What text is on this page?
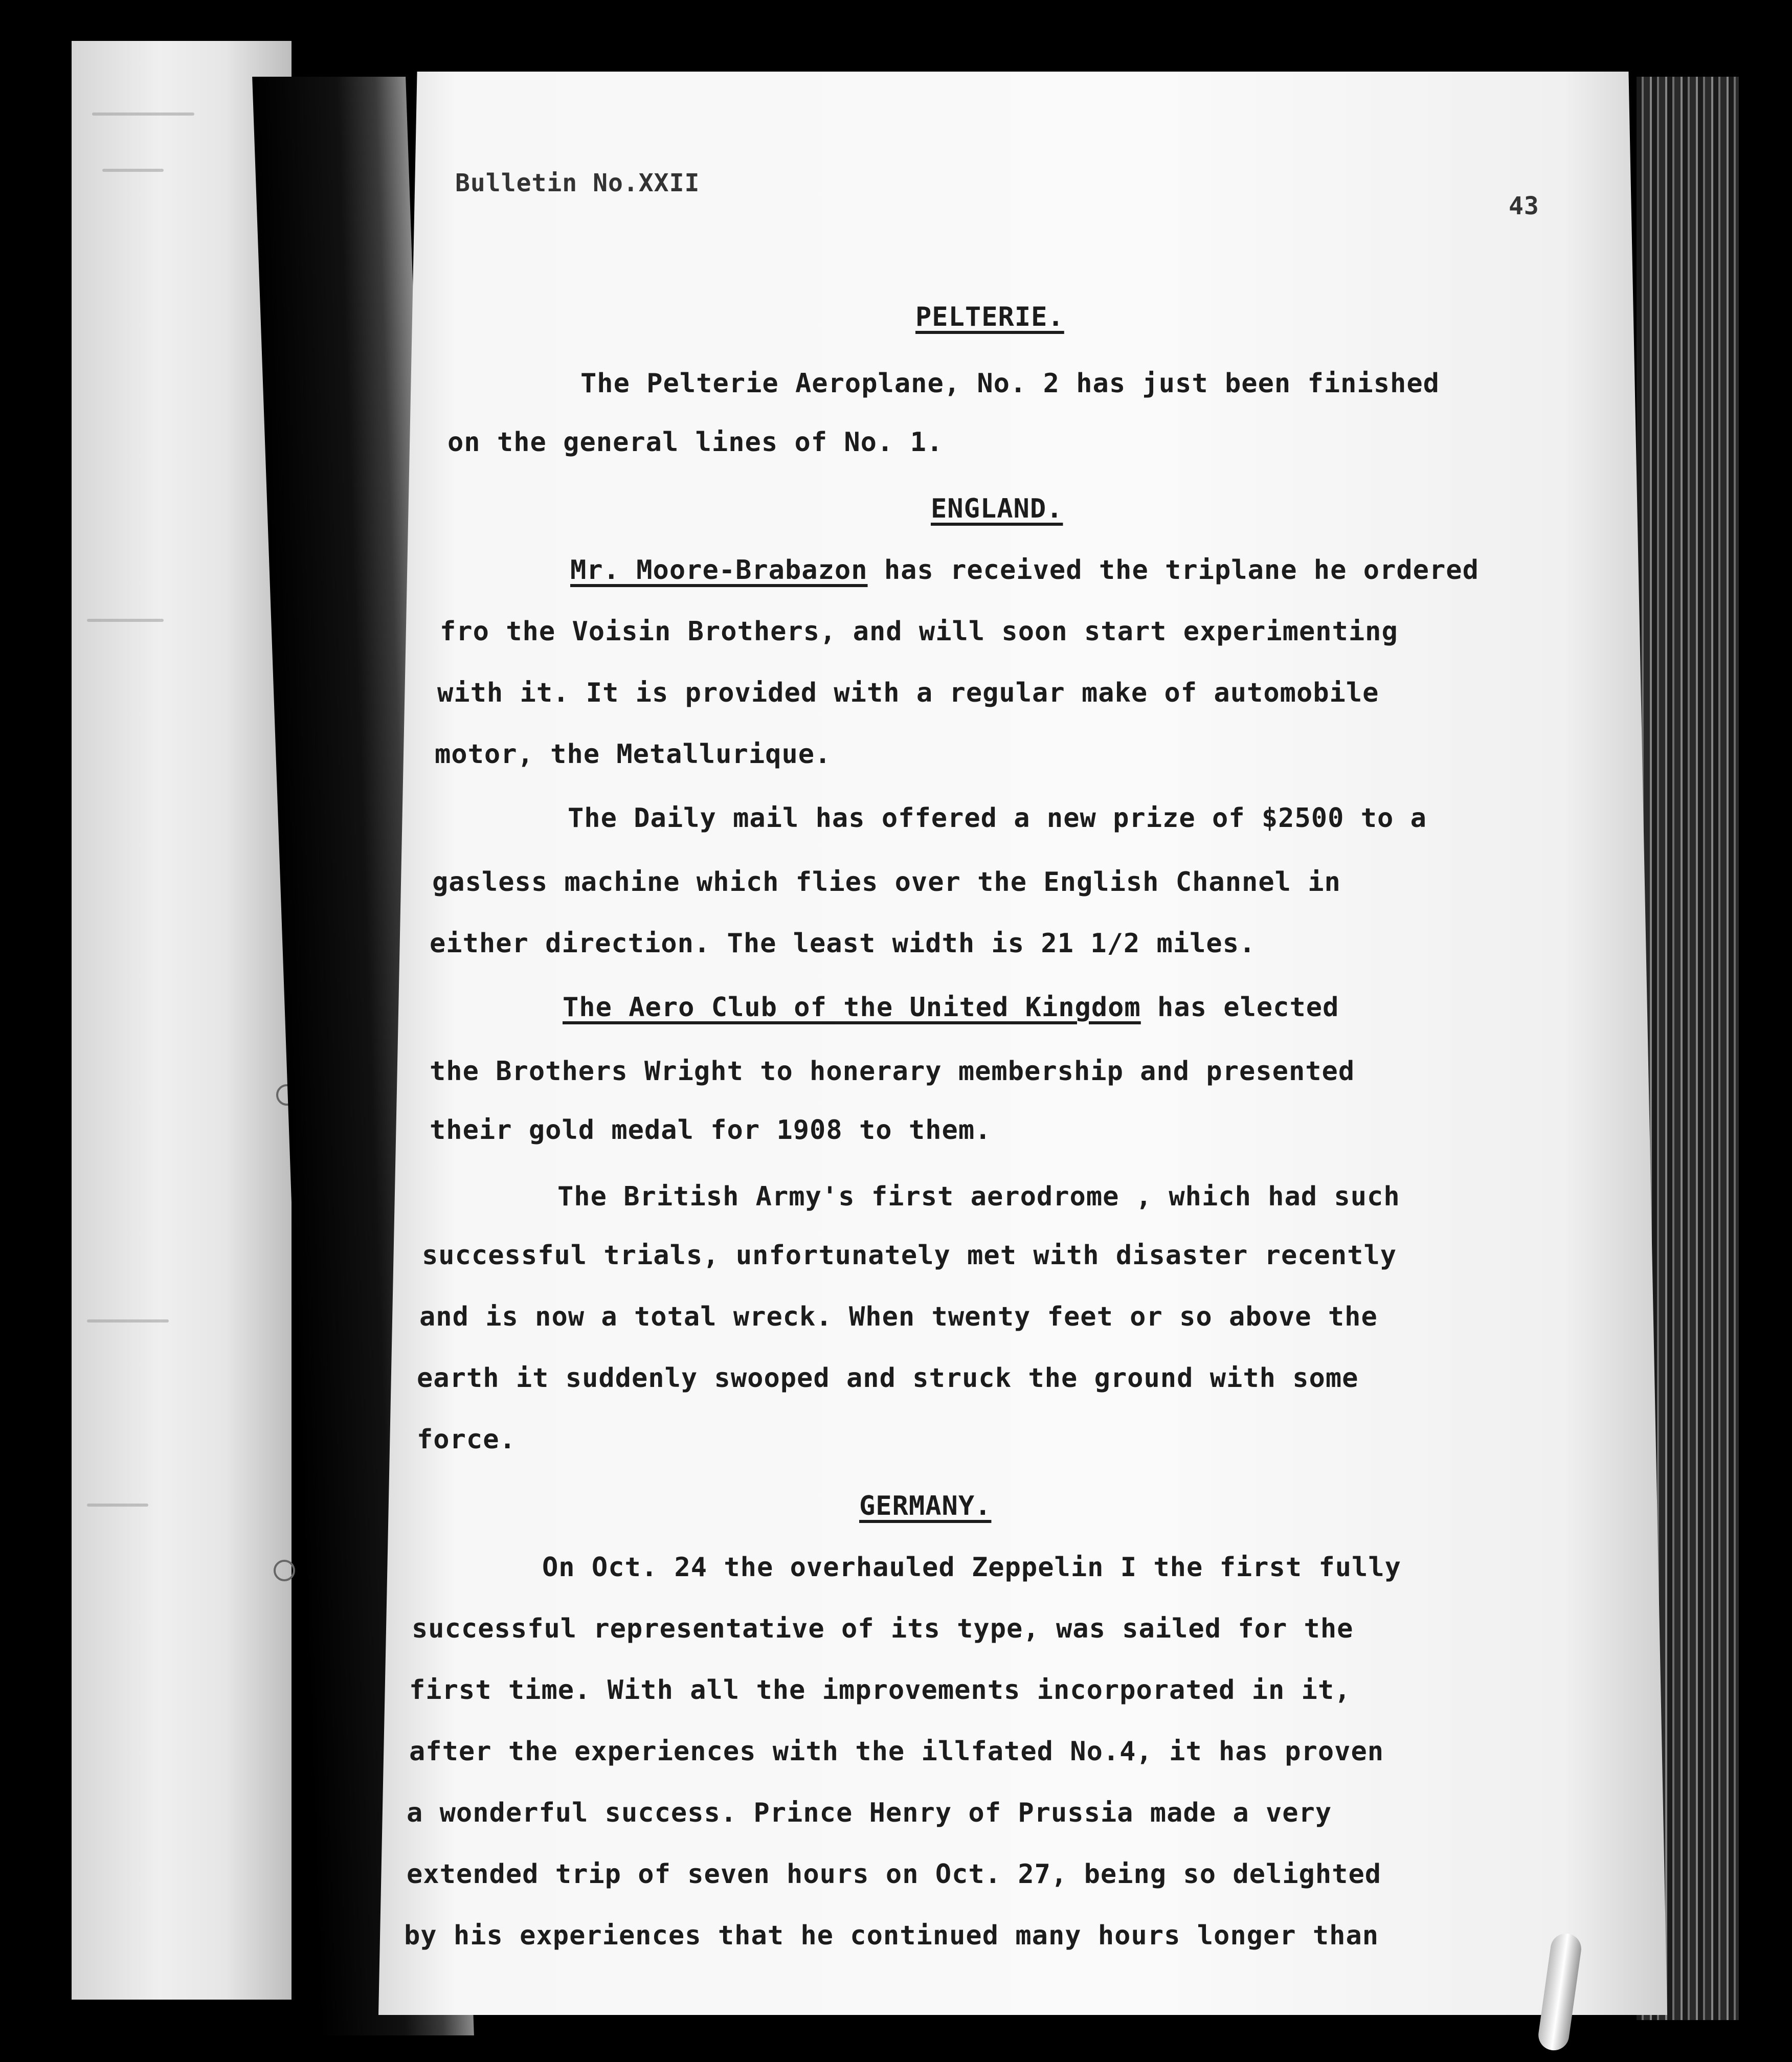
Bulletin No.XXII
43
PELTERIE.
The Pelterie Aeroplane, No. 2 has just been finished
on the general lines of No. 1.
ENGLAND.
Mr. Moore-Brabazon has received the triplane he ordered
fro the Voisin Brothers, and will soon start experimenting
with it. It is provided with a regular make of automobile
motor, the Metallurique.
The Daily mail has offered a new prize of $2500 to a
gasless machine which flies over the English Channel in
either direction. The least width is 21 1/2 miles.
The Aero Club of the United Kingdom has elected
the Brothers Wright to honerary membership and presented
their gold medal for 1908 to them.
The British Army's first aerodrome , which had such
successful trials, unfortunately met with disaster recently
and is now a total wreck. When twenty feet or so above the
earth it suddenly swooped and struck the ground with some
force.
GERMANY.
On Oct. 24 the overhauled Zeppelin I the first fully
successful representative of its type, was sailed for the
first time. With all the improvements incorporated in it,
after the experiences with the illfated No.4, it has proven
a wonderful success. Prince Henry of Prussia made a very
extended trip of seven hours on Oct. 27, being so delighted
by his experiences that he continued many hours longer than
